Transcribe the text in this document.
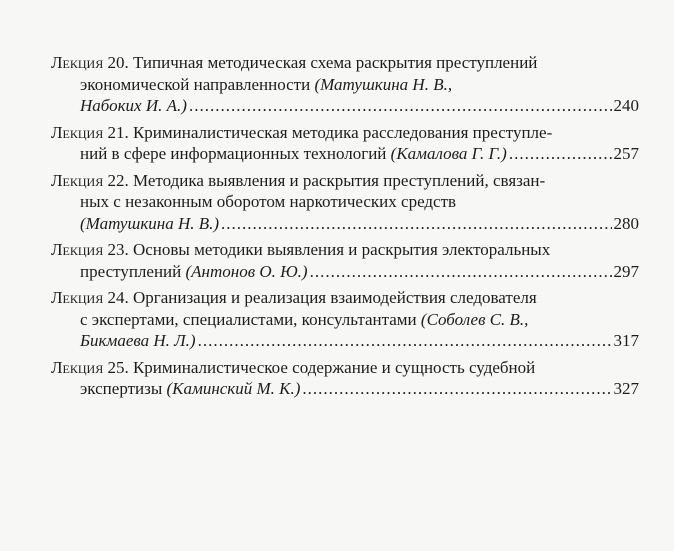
Лекция 20.
Типичная методическая схема раскрытия преступлений
экономической направленности
(Матушкина Н. В.,
Набоких И. А.) .....	240
Лекция 21.
Криминалистическая методика расследования преступле-
ний в сфере информационных технологий
(Камалова Г. Г.) .....	257
Лекция 22.
Методика выявления и раскрытия преступлений, связан-
ных с незаконным оборотом наркотических средств
(Матушкина Н. В.) .....	280
Лекция 23.
Основы методики выявления и раскрытия электоральных
преступлений
(Антонов О. Ю.) .....	297
Лекция 24.
Организация и реализация взаимодействия следователя
с экспертами, специалистами, консультантами
(Соболев С. В.,
Бикмаева Н. Л.) .....	317
Лекция 25.
Криминалистическое содержание и сущность судебной
экспертизы
(Каминский М. К.) .....	327
